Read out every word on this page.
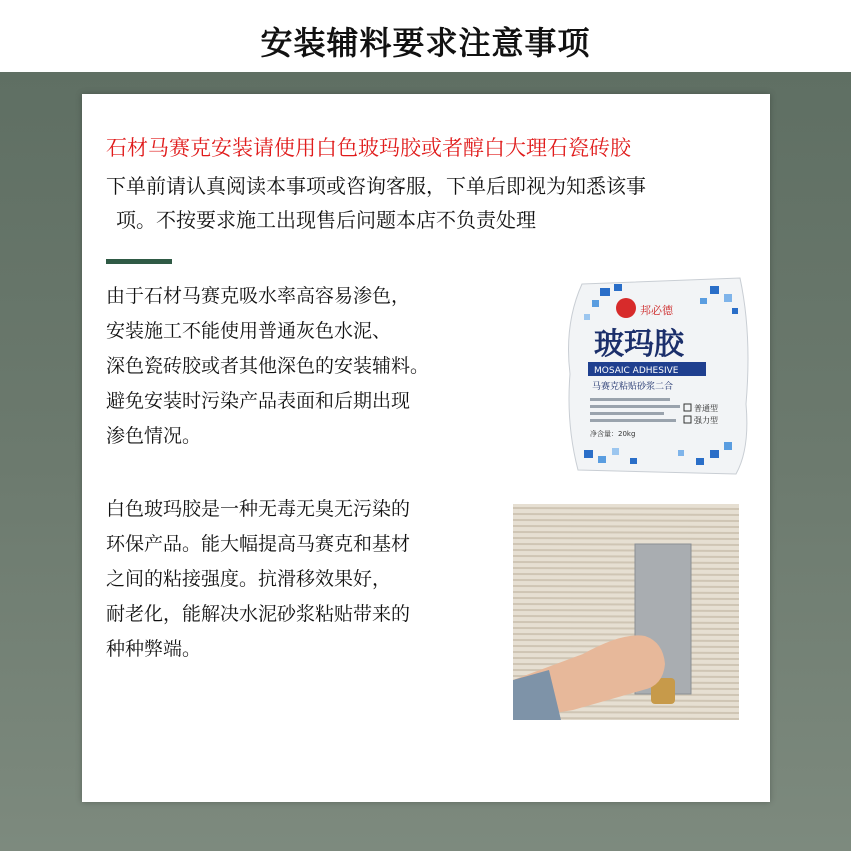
安装辅料要求注意事项
石材马赛克安装请使用白色玻玛胶或者醇白大理石瓷砖胶
下单前请认真阅读本事项或咨询客服，下单后即视为知悉该事
项。不按要求施工出现售后问题本店不负责处理
由于石材马赛克吸水率高容易渗色，
安装施工不能使用普通灰色水泥、
深色瓷砖胶或者其他深色的安装辅料。
避免安装时污染产品表面和后期出现
渗色情况。
白色玻玛胶是一种无毒无臭无污染的
环保产品。能大幅提高马赛克和基材
之间的粘接强度。抗滑移效果好，
耐老化，能解决水泥砂浆粘贴带来的
种种弊端。
邦必德
玻玛胶
MOSAIC ADHESIVE
马赛克粘贴砂浆二合
普通型
强力型
净含量：20kg
